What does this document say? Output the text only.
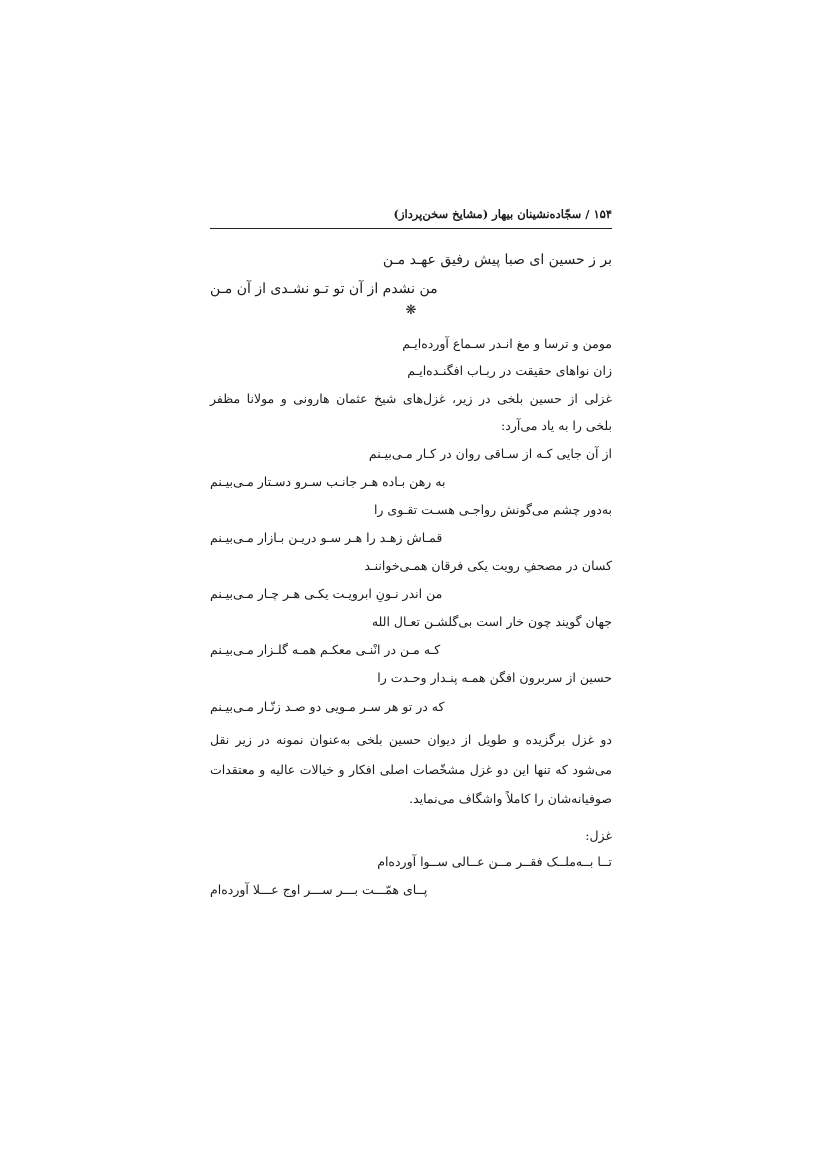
۱۵۴ / سجّاده‌نشینان بیهار (مشایخ سخن‌پرداز)
بر ز حسین ای صبا پیش رفیق عهـد مـن
من نشدم از آن تو تـو نشـدی از آن مـن
❋
مومن و ترسا و مغ انـدر سـماع آورده‌ایـم
زان نواهای حقیقت در ربـاب افگنـده‌ایـم
غزلی از حسین بلخی در زیر، غزل‌های شیخ عثمان هارونی و مولانا مظفر
بلخی را به یاد می‌آرد:
از آن جایی کـه از سـاقی روان در کـار مـی‌بیـنم
به رهن بـاده هـر جانـب سـرو دسـتار مـی‌بیـنم
به‌دور چشم می‌گونش رواجـی هسـت تقـوی را
قمـاش زهـد را هـر سـو دریـن بـازار مـی‌بیـنم
کسان در مصحفِ رویت یکی فرقان همـی‌خواننـد
من اندر نـونِ ابرویـت یکـی هـر چـار مـی‌بیـنم
جهان گویند چون خار است بی‌گلشـن تعـال الله
کـه مـن در انْنـی معکـم همـه گلـزار مـی‌بیـنم
حسین از سربرون افگن همـه پنـدار وحـدت را
که در تو هر سـر مـویی دو صـد زنّـار مـی‌بیـنم
دو غزل برگزیده و طویل از دیوان حسین بلخی به‌عنوان نمونه در زیر نقل
می‌شود که تنها این دو غزل مشخّصات اصلی افکار و خیالات عالیه و معتقدات
صوفیانه‌شان را کاملاً واشگاف می‌نماید.
غزل:
تــا بــه‌ملــک فقــر مــن عــالی ســوا آورده‌ام
پــای همّـــت بـــر ســـر اوج عـــلا آورده‌ام
